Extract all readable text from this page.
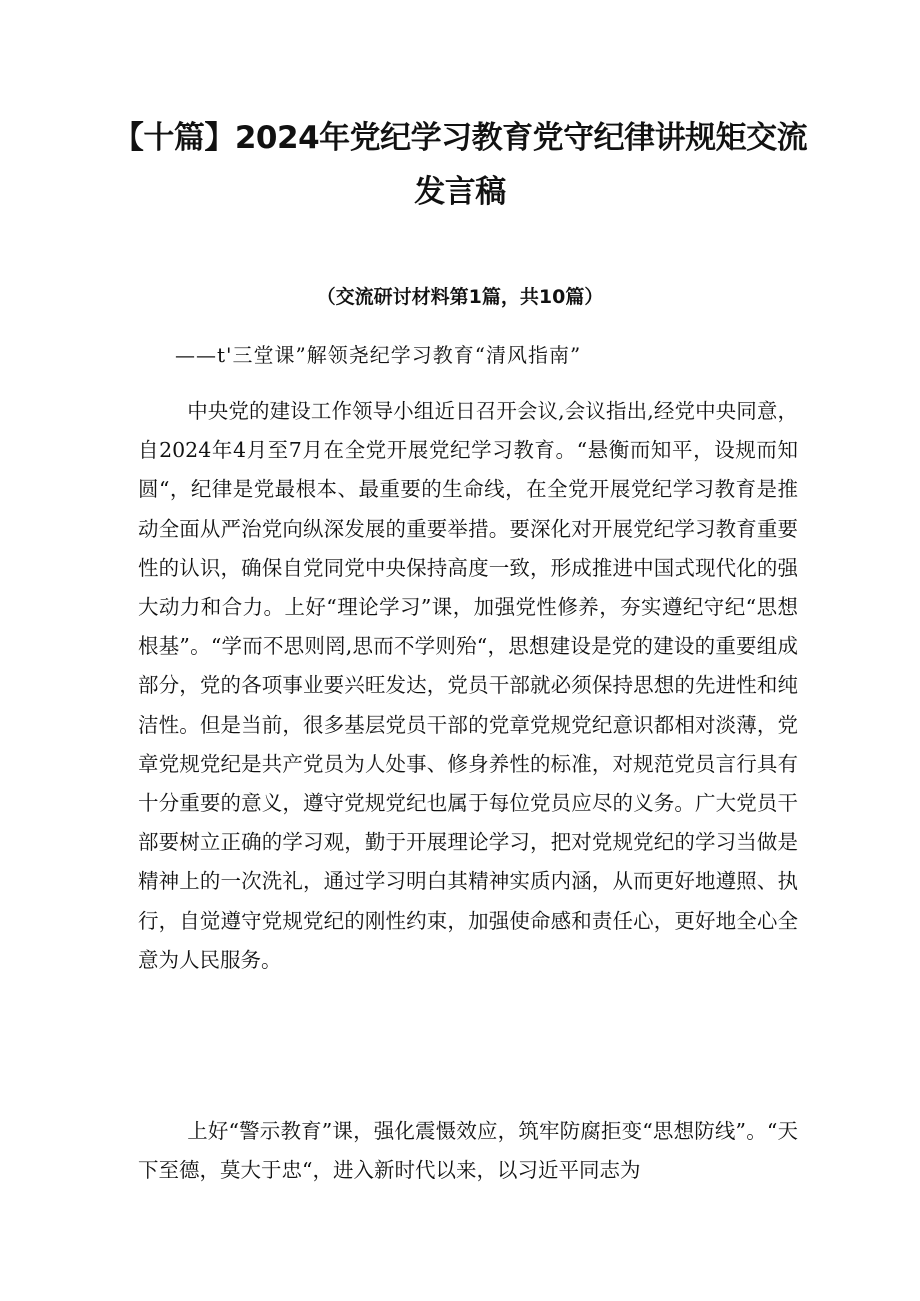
【十篇】2024年党纪学习教育党守纪律讲规矩交流
发言稿
（交流研讨材料第1篇，共10篇）
——t'三堂课”解领尧纪学习教育“清风指南”
中央党的建设工作领导小组近日召开会议,会议指出,经党中央同意，自2024年4月至7月在全党开展党纪学习教育。“悬衡而知平，设规而知圆“，纪律是党最根本、最重要的生命线，在全党开展党纪学习教育是推动全面从严治党向纵深发展的重要举措。要深化对开展党纪学习教育重要性的认识，确保自党同党中央保持高度一致，形成推进中国式现代化的强大动力和合力。上好“理论学习”课，加强党性修养，夯实遵纪守纪“思想根基”。“学而不思则罔,思而不学则殆“，思想建设是党的建设的重要组成部分，党的各项事业要兴旺发达，党员干部就必须保持思想的先进性和纯洁性。但是当前，很多基层党员干部的党章党规党纪意识都相对淡薄，党章党规党纪是共产党员为人处事、修身养性的标准，对规范党员言行具有十分重要的意义，遵守党规党纪也属于每位党员应尽的义务。广大党员干部要树立正确的学习观，勤于开展理论学习，把对党规党纪的学习当做是精神上的一次洗礼，通过学习明白其精神实质内涵，从而更好地遵照、执行，自觉遵守党规党纪的刚性约束，加强使命感和责任心，更好地全心全意为人民服务。
上好“警示教育”课，强化震慑效应，筑牢防腐拒变“思想防线”。“天下至德，莫大于忠“，进入新时代以来，以习近平同志为
